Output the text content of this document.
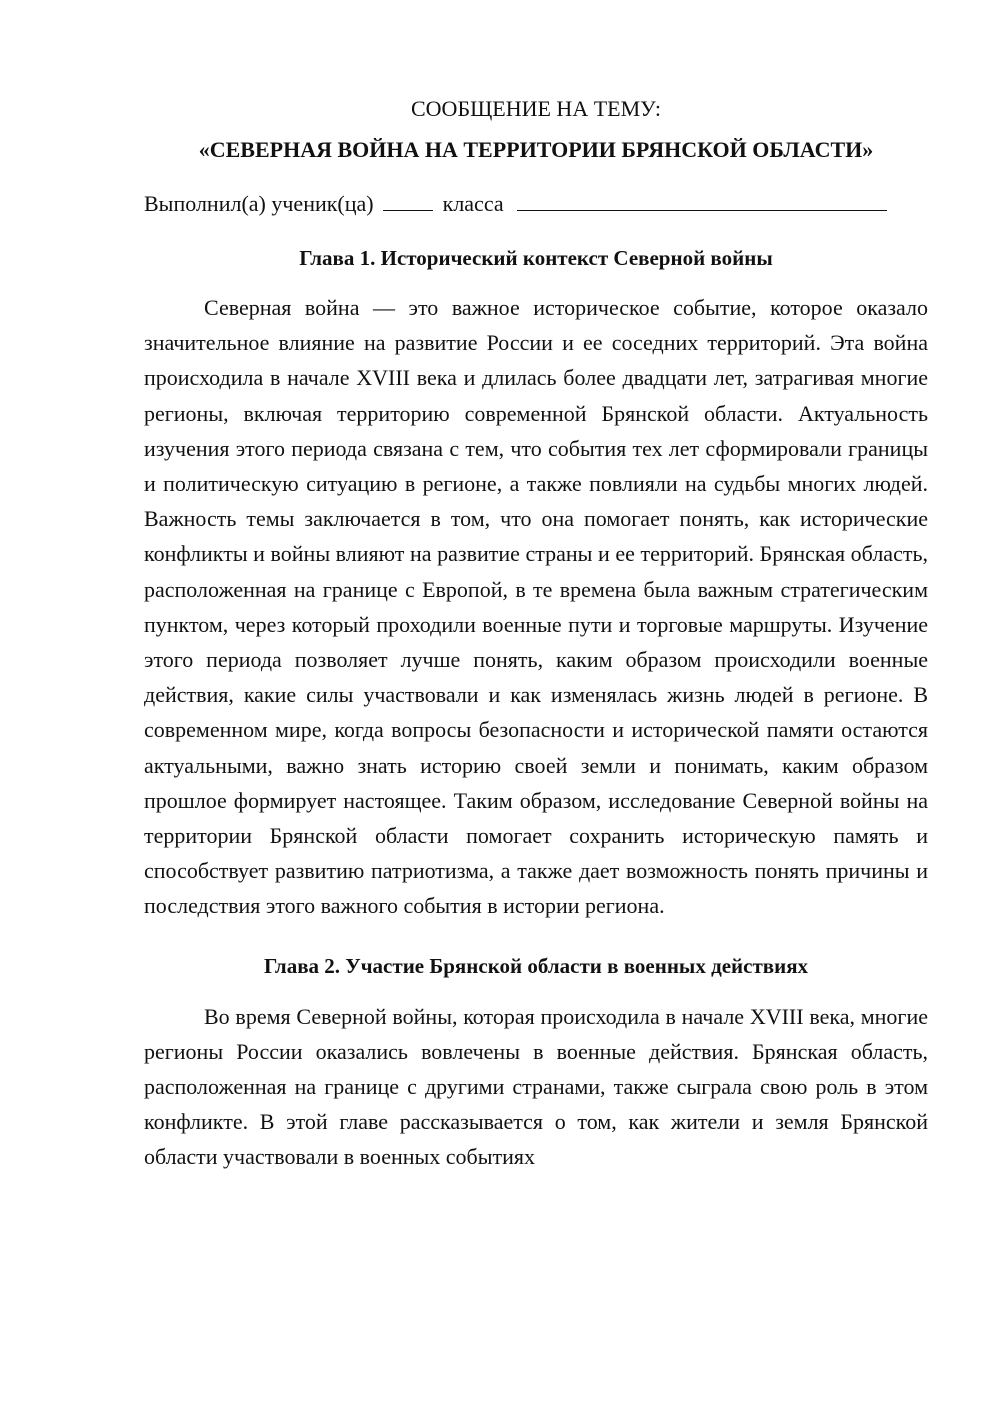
СООБЩЕНИЕ НА ТЕМУ:

«СЕВЕРНАЯ ВОЙНА НА ТЕРРИТОРИИ БРЯНСКОЙ ОБЛАСТИ»

Выполнил(а) ученик(ца)	класса

Глава 1. Исторический контекст Северной войны

Северная война — это важное историческое событие, которое оказало значительное влияние на развитие России и ее соседних территорий. Эта война происходила в начале XVIII века и длилась более двадцати лет, затрагивая многие регионы, включая территорию современной Брянской области. Актуальность изучения этого периода связана с тем, что события тех лет сформировали границы и политическую ситуацию в регионе, а также повлияли на судьбы многих людей. Важность темы заключается в том, что она помогает понять, как исторические конфликты и войны влияют на развитие страны и ее территорий. Брянская область, расположенная на границе с Европой, в те времена была важным стратегическим пунктом, через который проходили военные пути и торговые маршруты. Изучение этого периода позволяет лучше понять, каким образом происходили военные действия, какие силы участвовали и как изменялась жизнь людей в регионе. В современном мире, когда вопросы безопасности и исторической памяти остаются актуальными, важно знать историю своей земли и понимать, каким образом прошлое формирует настоящее. Таким образом, исследование Северной войны на территории Брянской области помогает сохранить историческую память и способствует развитию патриотизма, а также дает возможность понять причины и последствия этого важного события в истории региона.

Глава 2. Участие Брянской области в военных действиях

Во время Северной войны, которая происходила в начале XVIII века, многие регионы России оказались вовлечены в военные действия. Брянская область, расположенная на границе с другими странами, также сыграла свою роль в этом конфликте. В этой главе рассказывается о том, как жители и земля Брянской области участвовали в военных событиях
